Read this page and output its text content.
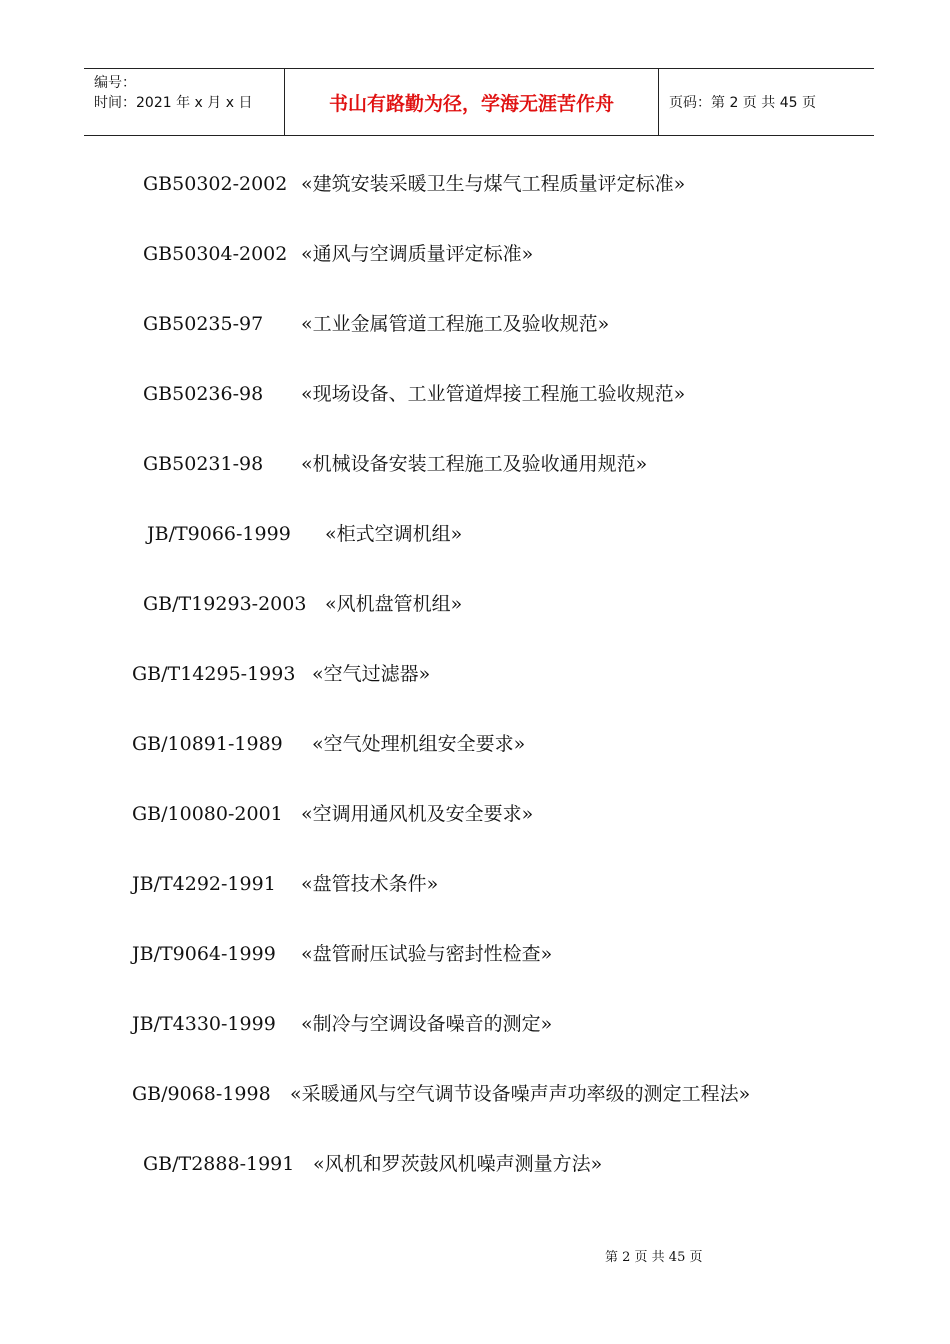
编号：
时间：2021 年 x 月 x 日	书山有路勤为径，学海无涯苦作舟	页码：第 2 页 共 45 页
GB50302-2002 «建筑安装采暖卫生与煤气工程质量评定标准»
GB50304-2002 «通风与空调质量评定标准»
GB50235-97 «工业金属管道工程施工及验收规范»
GB50236-98 «现场设备、工业管道焊接工程施工验收规范»
GB50231-98 «机械设备安装工程施工及验收通用规范»
JB/T9066-1999 «柜式空调机组»
GB/T19293-2003 «风机盘管机组»
GB/T14295-1993 «空气过滤器»
GB/10891-1989 «空气处理机组安全要求»
GB/10080-2001 «空调用通风机及安全要求»
JB/T4292-1991 «盘管技术条件»
JB/T9064-1999 «盘管耐压试验与密封性检查»
JB/T4330-1999 «制冷与空调设备噪音的测定»
GB/9068-1998 «采暖通风与空气调节设备噪声声功率级的测定工程法»
GB/T2888-1991 «风机和罗茨鼓风机噪声测量方法»
第 2 页 共 45 页
